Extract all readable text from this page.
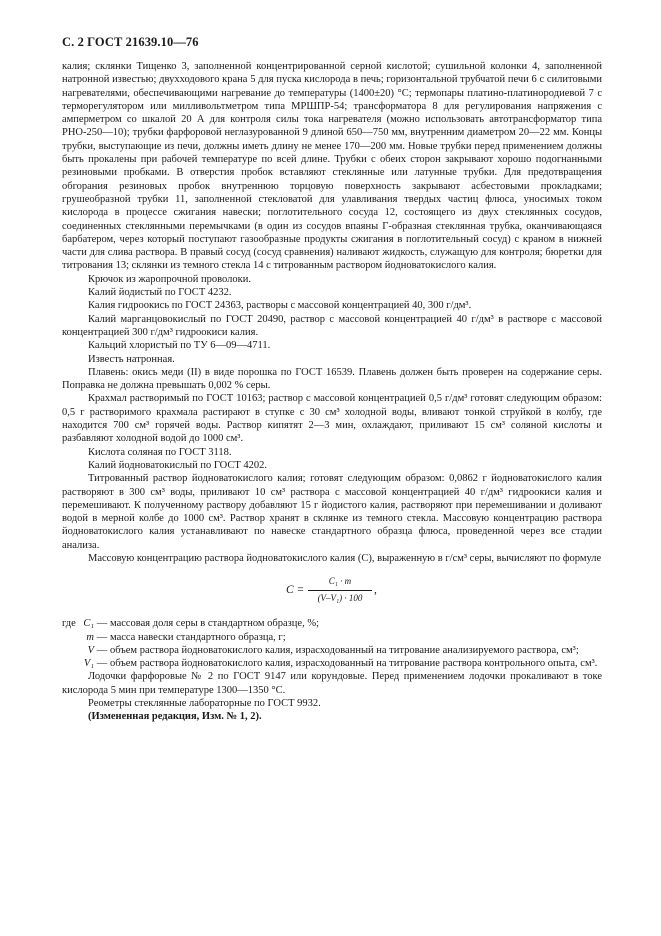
С. 2 ГОСТ 21639.10—76

калия; склянки Тищенко 3, заполненной концентрированной серной кислотой; сушильной колонки 4, заполненной натронной известью; двухходового крана 5 для пуска кислорода в печь; горизонтальной трубчатой печи 6 с силитовыми нагревателями, обеспечивающими нагревание до температуры (1400±20) °С; термопары платино-платинородиевой 7 с терморегулятором или милливольтметром типа МРШПР-54; трансформатора 8 для регулирования напряжения с амперметром со шкалой 20 А для контроля силы тока нагревателя (можно использовать автотрансформатор типа РНО-250—10); трубки фарфоровой неглазурованной 9 длиной 650—750 мм, внутренним диаметром 20—22 мм. Концы трубки, выступающие из печи, должны иметь длину не менее 170—200 мм. Новые трубки перед применением должны быть прокалены при рабочей температуре по всей длине. Трубки с обеих сторон закрывают хорошо подогнанными резиновыми пробками. В отверстия пробок вставляют стеклянные или латунные трубки. Для предотвращения обгорания резиновых пробок внутреннюю торцовую поверхность закрывают асбестовыми прокладками; грушеобразной трубки 11, заполненной стекловатой для улавливания твердых частиц флюса, уносимых током кислорода в процессе сжигания навески; поглотительного сосуда 12, состоящего из двух стеклянных сосудов, соединенных стеклянными перемычками (в один из сосудов впаяны Г-образная стеклянная трубка, оканчивающаяся барбатером, через который поступают газообразные продукты сжигания в поглотительный сосуд) с краном в нижней части для слива раствора. В правый сосуд (сосуд сравнения) наливают жидкость, служащую для контроля; бюретки для титрования 13; склянки из темного стекла 14 с титрованным раствором йодноватокислого калия.

Крючок из жаропрочной проволоки.

Калий йодистый по ГОСТ 4232.

Калия гидроокись по ГОСТ 24363, растворы с массовой концентрацией 40, 300 г/дм³.

Калий марганцовокислый по ГОСТ 20490, раствор с массовой концентрацией 40 г/дм³ в растворе с массовой концентрацией 300 г/дм³ гидроокиси калия.

Кальций хлористый по ТУ 6—09—4711.

Известь натронная.

Плавень: окись меди (II) в виде порошка по ГОСТ 16539. Плавень должен быть проверен на содержание серы. Поправка не должна превышать 0,002 % серы.

Крахмал растворимый по ГОСТ 10163; раствор с массовой концентрацией 0,5 г/дм³ готовят следующим образом: 0,5 г растворимого крахмала растирают в ступке с 30 см³ холодной воды, вливают тонкой струйкой в колбу, где находится 700 см³ горячей воды. Раствор кипятят 2—3 мин, охлаждают, приливают 15 см³ соляной кислоты и разбавляют холодной водой до 1000 см³.

Кислота соляная по ГОСТ 3118.

Калий йодноватокислый по ГОСТ 4202.

Титрованный раствор йодноватокислого калия; готовят следующим образом: 0,0862 г йодноватокислого калия растворяют в 300 см³ воды, приливают 10 см³ раствора с массовой концентрацией 40 г/дм³ гидроокиси калия и перемешивают. К полученному раствору добавляют 15 г йодистого калия, растворяют при перемешивании и доливают водой в мерной колбе до 1000 см³. Раствор хранят в склянке из темного стекла. Массовую концентрацию раствора йодноватокислого калия устанавливают по навеске стандартного образца флюса, проведенной через все стадии анализа.

Массовую концентрацию раствора йодноватокислого калия (C), выраженную в г/см³ серы, вычисляют по формуле

$C = \frac{\text{C₁ · m}}{\text{(V–V₁) · 100}}$ ,
где C₁ — массовая доля серы в стандартном образце, %;
m — масса навески стандартного образца, г;
V — объем раствора йодноватокислого калия, израсходованный на титрование анализируемого раствора, см³;
V₁ — объем раствора йодноватокислого калия, израсходованный на титрование раствора контрольного опыта, см³.

Лодочки фарфоровые № 2 по ГОСТ 9147 или корундовые. Перед применением лодочки прокаливают в токе кислорода 5 мин при температуре 1300—1350 °С.

Реометры стеклянные лабораторные по ГОСТ 9932.

(Измененная редакция, Изм. № 1, 2).
